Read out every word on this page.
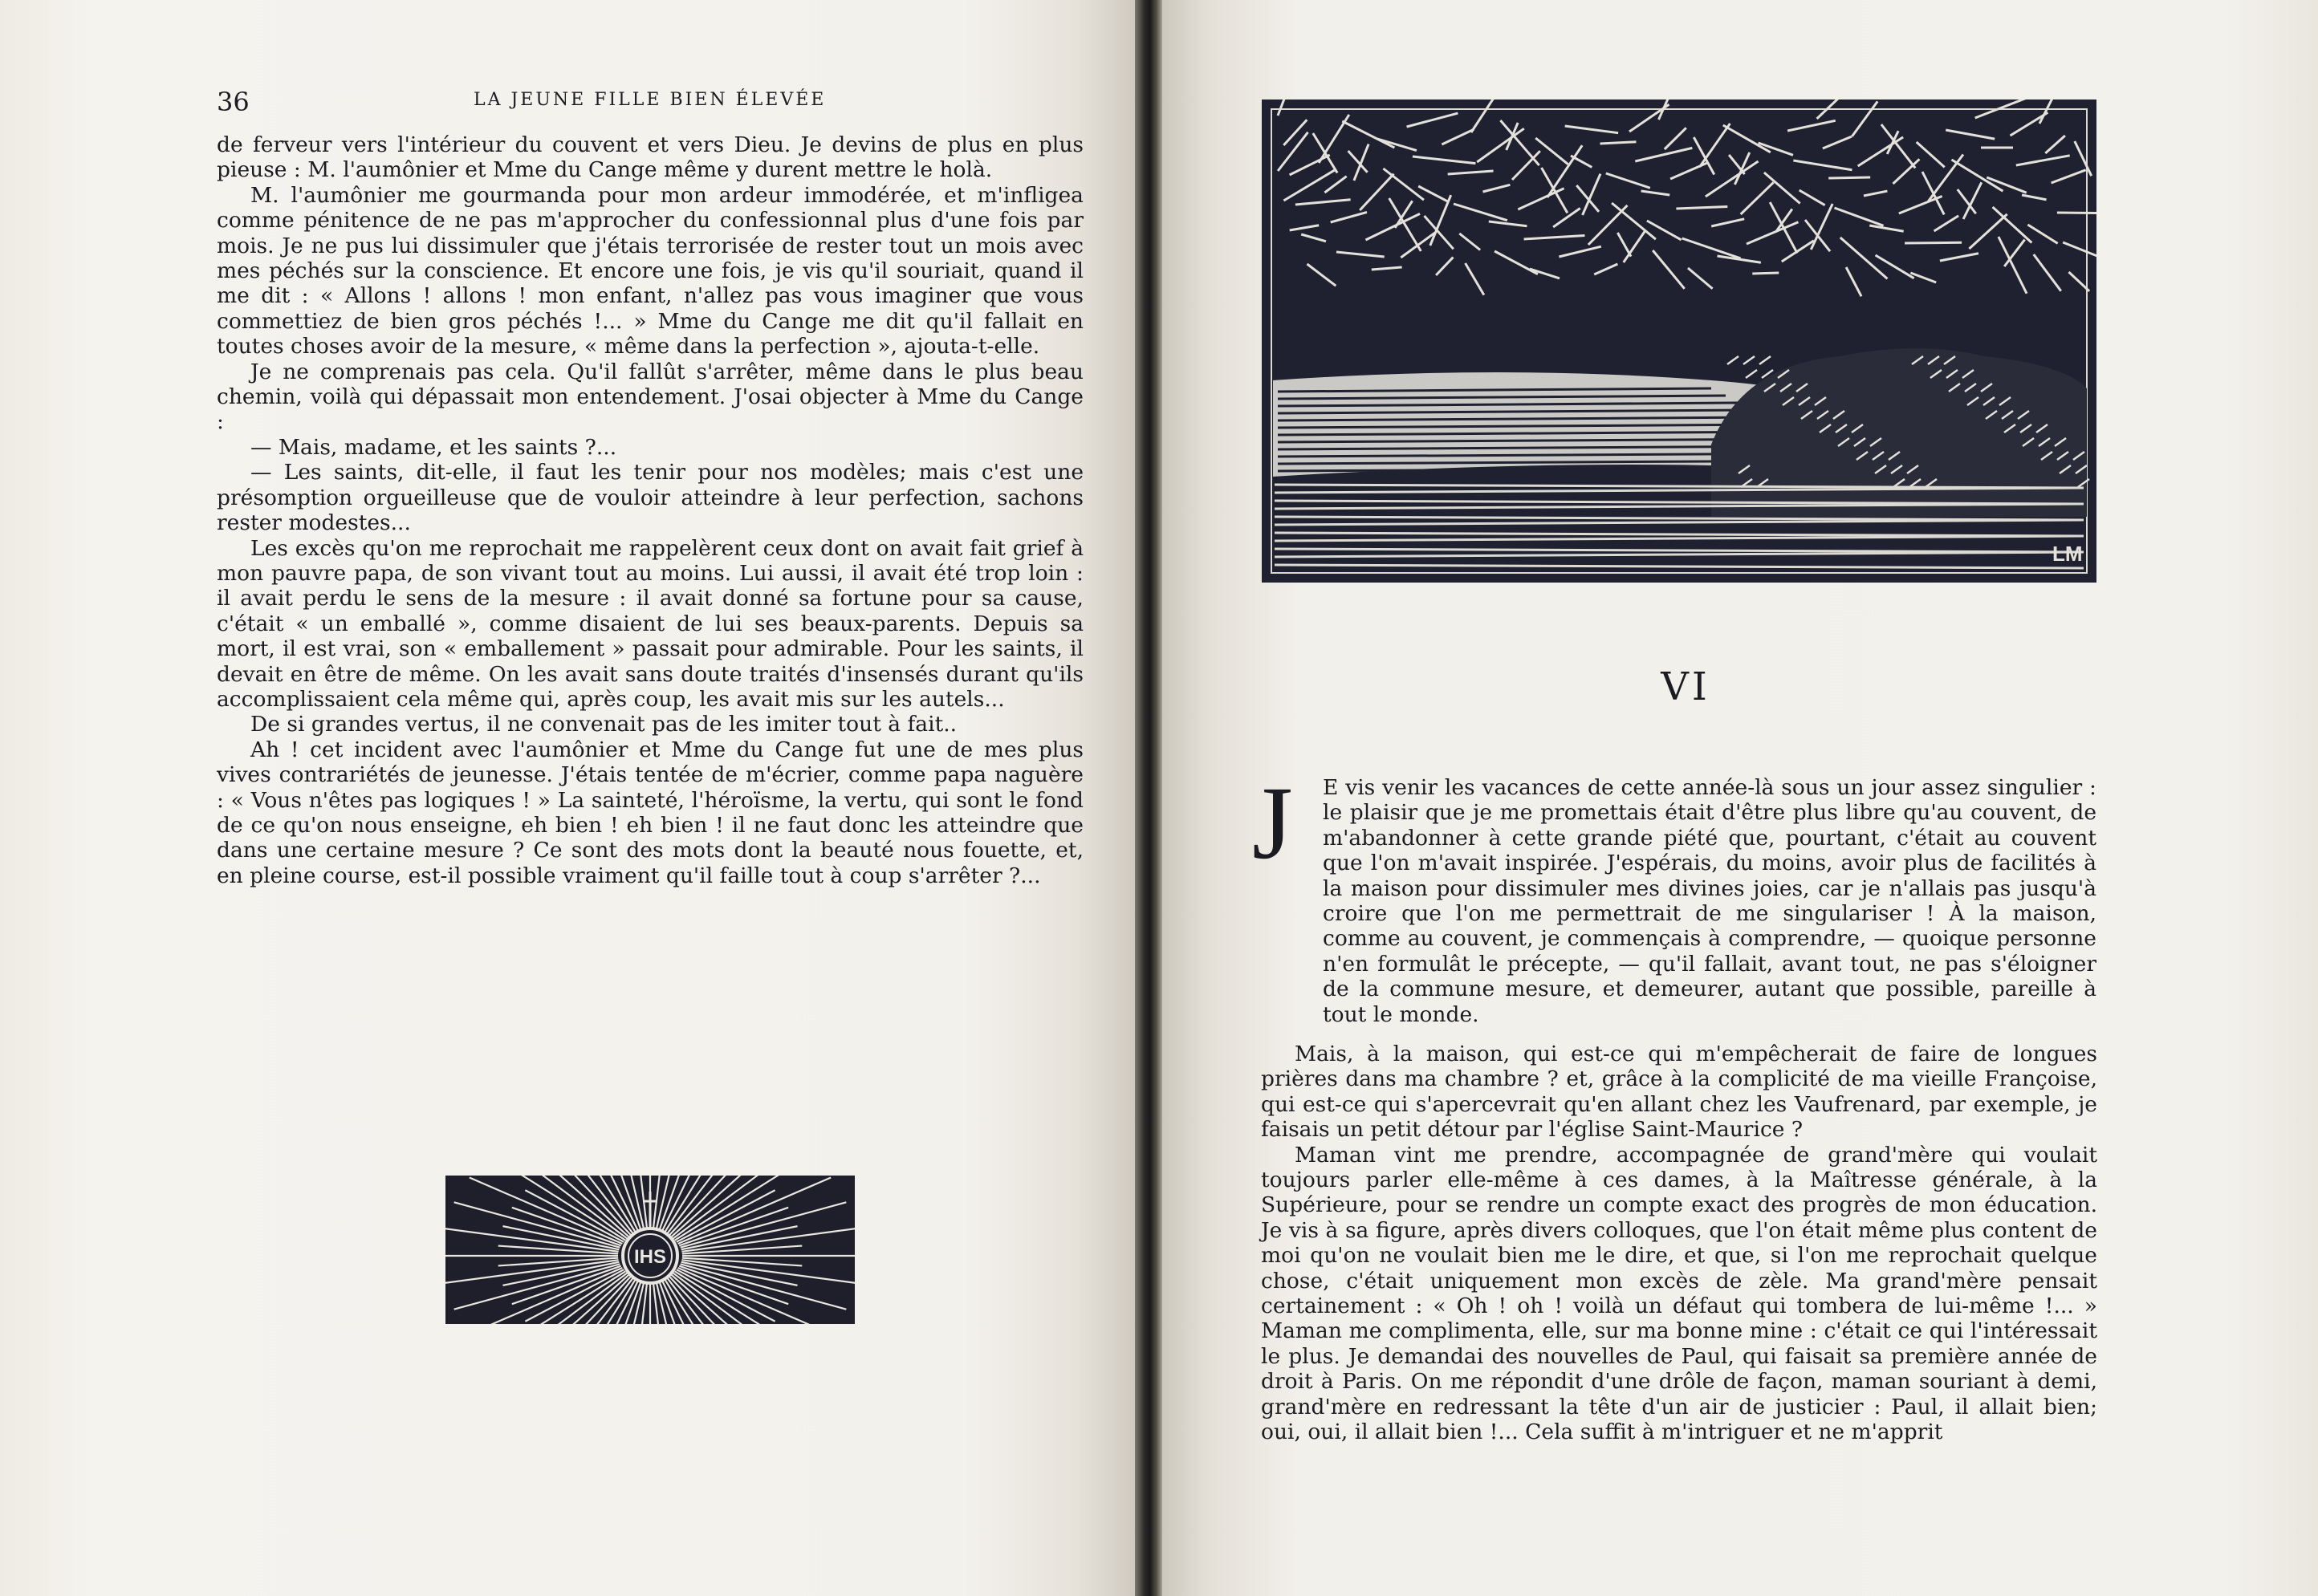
36	LA JEUNE FILLE BIEN ÉLEVÉE

de ferveur vers l'intérieur du couvent et vers Dieu. Je devins de plus en plus pieuse : M. l'aumônier et Mme du Cange même y durent mettre le holà.

M. l'aumônier me gourmanda pour mon ardeur immodérée, et m'infligea comme pénitence de ne pas m'approcher du confessionnal plus d'une fois par mois. Je ne pus lui dissimuler que j'étais terrorisée de rester tout un mois avec mes péchés sur la conscience. Et encore une fois, je vis qu'il souriait, quand il me dit : « Allons ! allons ! mon enfant, n'allez pas vous imaginer que vous commettiez de bien gros péchés !... » Mme du Cange me dit qu'il fallait en toutes choses avoir de la mesure, « même dans la perfection », ajouta-t-elle.

Je ne comprenais pas cela. Qu'il fallût s'arrêter, même dans le plus beau chemin, voilà qui dépassait mon entendement. J'osai objecter à Mme du Cange :

— Mais, madame, et les saints ?...

— Les saints, dit-elle, il faut les tenir pour nos modèles; mais c'est une présomption orgueilleuse que de vouloir atteindre à leur perfection, sachons rester modestes...

Les excès qu'on me reprochait me rappelèrent ceux dont on avait fait grief à mon pauvre papa, de son vivant tout au moins. Lui aussi, il avait été trop loin : il avait perdu le sens de la mesure : il avait donné sa fortune pour sa cause, c'était « un emballé », comme disaient de lui ses beaux-parents. Depuis sa mort, il est vrai, son « emballement » passait pour admirable. Pour les saints, il devait en être de même. On les avait sans doute traités d'insensés durant qu'ils accomplissaient cela même qui, après coup, les avait mis sur les autels...

De si grandes vertus, il ne convenait pas de les imiter tout à fait..

Ah ! cet incident avec l'aumônier et Mme du Cange fut une de mes plus vives contrariétés de jeunesse. J'étais tentée de m'écrier, comme papa naguère : « Vous n'êtes pas logiques ! » La sainteté, l'héroïsme, la vertu, qui sont le fond de ce qu'on nous enseigne, eh bien ! eh bien ! il ne faut donc les atteindre que dans une certaine mesure ? Ce sont des mots dont la beauté nous fouette, et, en pleine course, est-il possible vraiment qu'il faille tout à coup s'arrêter ?...

IHS
LM
VI
J E vis venir les vacances de cette année-là sous un jour assez singulier : le plaisir que je me promettais était d'être plus libre qu'au couvent, de m'abandonner à cette grande piété que, pourtant, c'était au couvent que l'on m'avait inspirée. J'espérais, du moins, avoir plus de facilités à la maison pour dissimuler mes divines joies, car je n'allais pas jusqu'à croire que l'on me permettrait de me singulariser ! À la maison, comme au couvent, je commençais à comprendre, — quoique personne n'en formulât le précepte, — qu'il fallait, avant tout, ne pas s'éloigner de la commune mesure, et demeurer, autant que possible, pareille à tout le monde.

Mais, à la maison, qui est-ce qui m'empêcherait de faire de longues prières dans ma chambre ? et, grâce à la complicité de ma vieille Françoise, qui est-ce qui s'apercevrait qu'en allant chez les Vaufrenard, par exemple, je faisais un petit détour par l'église Saint-Maurice ?

Maman vint me prendre, accompagnée de grand'mère qui voulait toujours parler elle-même à ces dames, à la Maîtresse générale, à la Supérieure, pour se rendre un compte exact des progrès de mon éducation. Je vis à sa figure, après divers colloques, que l'on était même plus content de moi qu'on ne voulait bien me le dire, et que, si l'on me reprochait quelque chose, c'était uniquement mon excès de zèle. Ma grand'mère pensait certainement : « Oh ! oh ! voilà un défaut qui tombera de lui-même !... » Maman me complimenta, elle, sur ma bonne mine : c'était ce qui l'intéressait le plus. Je demandai des nouvelles de Paul, qui faisait sa première année de droit à Paris. On me répondit d'une drôle de façon, maman souriant à demi, grand'mère en redressant la tête d'un air de justicier : Paul, il allait bien; oui, oui, il allait bien !... Cela suffit à m'intriguer et ne m'apprit
